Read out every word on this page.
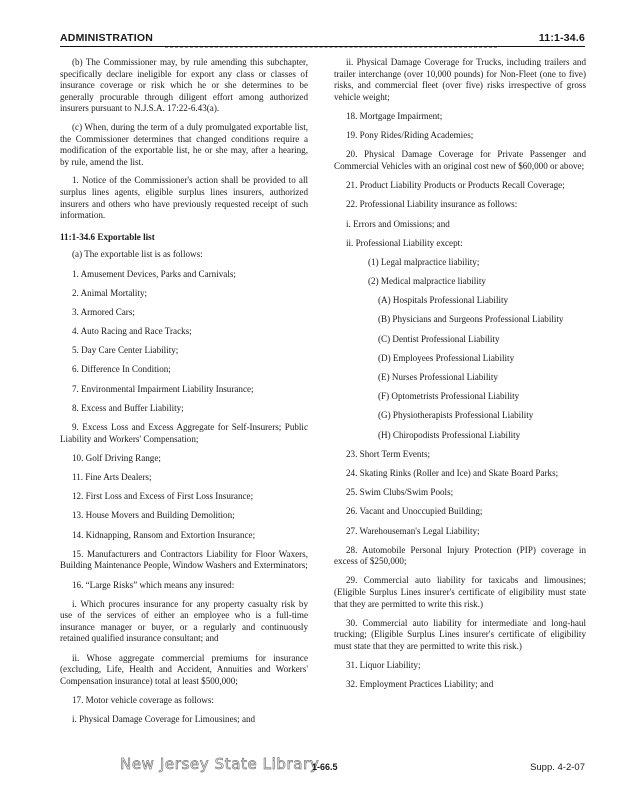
ADMINISTRATION	11:1-34.6

(b) The Commissioner may, by rule amending this subchapter, specifically declare ineligible for export any class or classes of insurance coverage or risk which he or she determines to be generally procurable through diligent effort among authorized insurers pursuant to N.J.S.A. 17:22-6.43(a).

(c) When, during the term of a duly promulgated exportable list, the Commissioner determines that changed conditions require a modification of the exportable list, he or she may, after a hearing, by rule, amend the list.

1. Notice of the Commissioner's action shall be provided to all surplus lines agents, eligible surplus lines insurers, authorized insurers and others who have previously requested receipt of such information.

11:1-34.6 Exportable list

(a) The exportable list is as follows:

1. Amusement Devices, Parks and Carnivals;

2. Animal Mortality;

3. Armored Cars;

4. Auto Racing and Race Tracks;

5. Day Care Center Liability;

6. Difference In Condition;

7. Environmental Impairment Liability Insurance;

8. Excess and Buffer Liability;

9. Excess Loss and Excess Aggregate for Self-Insurers; Public Liability and Workers' Compensation;

10. Golf Driving Range;

11. Fine Arts Dealers;

12. First Loss and Excess of First Loss Insurance;

13. House Movers and Building Demolition;

14. Kidnapping, Ransom and Extortion Insurance;

15. Manufacturers and Contractors Liability for Floor Waxers, Building Maintenance People, Window Washers and Exterminators;

16. “Large Risks” which means any insured:

i. Which procures insurance for any property casualty risk by use of the services of either an employee who is a full-time insurance manager or buyer, or a regularly and continuously retained qualified insurance consultant; and

ii. Whose aggregate commercial premiums for insurance (excluding, Life, Health and Accident, Annuities and Workers' Compensation insurance) total at least $500,000;

17. Motor vehicle coverage as follows:

i. Physical Damage Coverage for Limousines; and

ii. Physical Damage Coverage for Trucks, including trailers and trailer interchange (over 10,000 pounds) for Non-Fleet (one to five) risks, and commercial fleet (over five) risks irrespective of gross vehicle weight;

18. Mortgage Impairment;

19. Pony Rides/Riding Academies;

20. Physical Damage Coverage for Private Passenger and Commercial Vehicles with an original cost new of $60,000 or above;

21. Product Liability Products or Products Recall Coverage;

22. Professional Liability insurance as follows:

i. Errors and Omissions; and

ii. Professional Liability except:

(1) Legal malpractice liability;

(2) Medical malpractice liability

(A) Hospitals Professional Liability

(B) Physicians and Surgeons Professional Liability

(C) Dentist Professional Liability

(D) Employees Professional Liability

(E) Nurses Professional Liability

(F) Optometrists Professional Liability

(G) Physiotherapists Professional Liability

(H) Chiropodists Professional Liability

23. Short Term Events;

24. Skating Rinks (Roller and Ice) and Skate Board Parks;

25. Swim Clubs/Swim Pools;

26. Vacant and Unoccupied Building;

27. Warehouseman's Legal Liability;

28. Automobile Personal Injury Protection (PIP) coverage in excess of $250,000;

29. Commercial auto liability for taxicabs and limousines; (Eligible Surplus Lines insurer's certificate of eligibility must state that they are permitted to write this risk.)

30. Commercial auto liability for intermediate and long-haul trucking; (Eligible Surplus Lines insurer's certificate of eligibility must state that they are permitted to write this risk.)

31. Liquor Liability;

32. Employment Practices Liability; and

New Jersey State Library
1-66.5	Supp. 4-2-07
